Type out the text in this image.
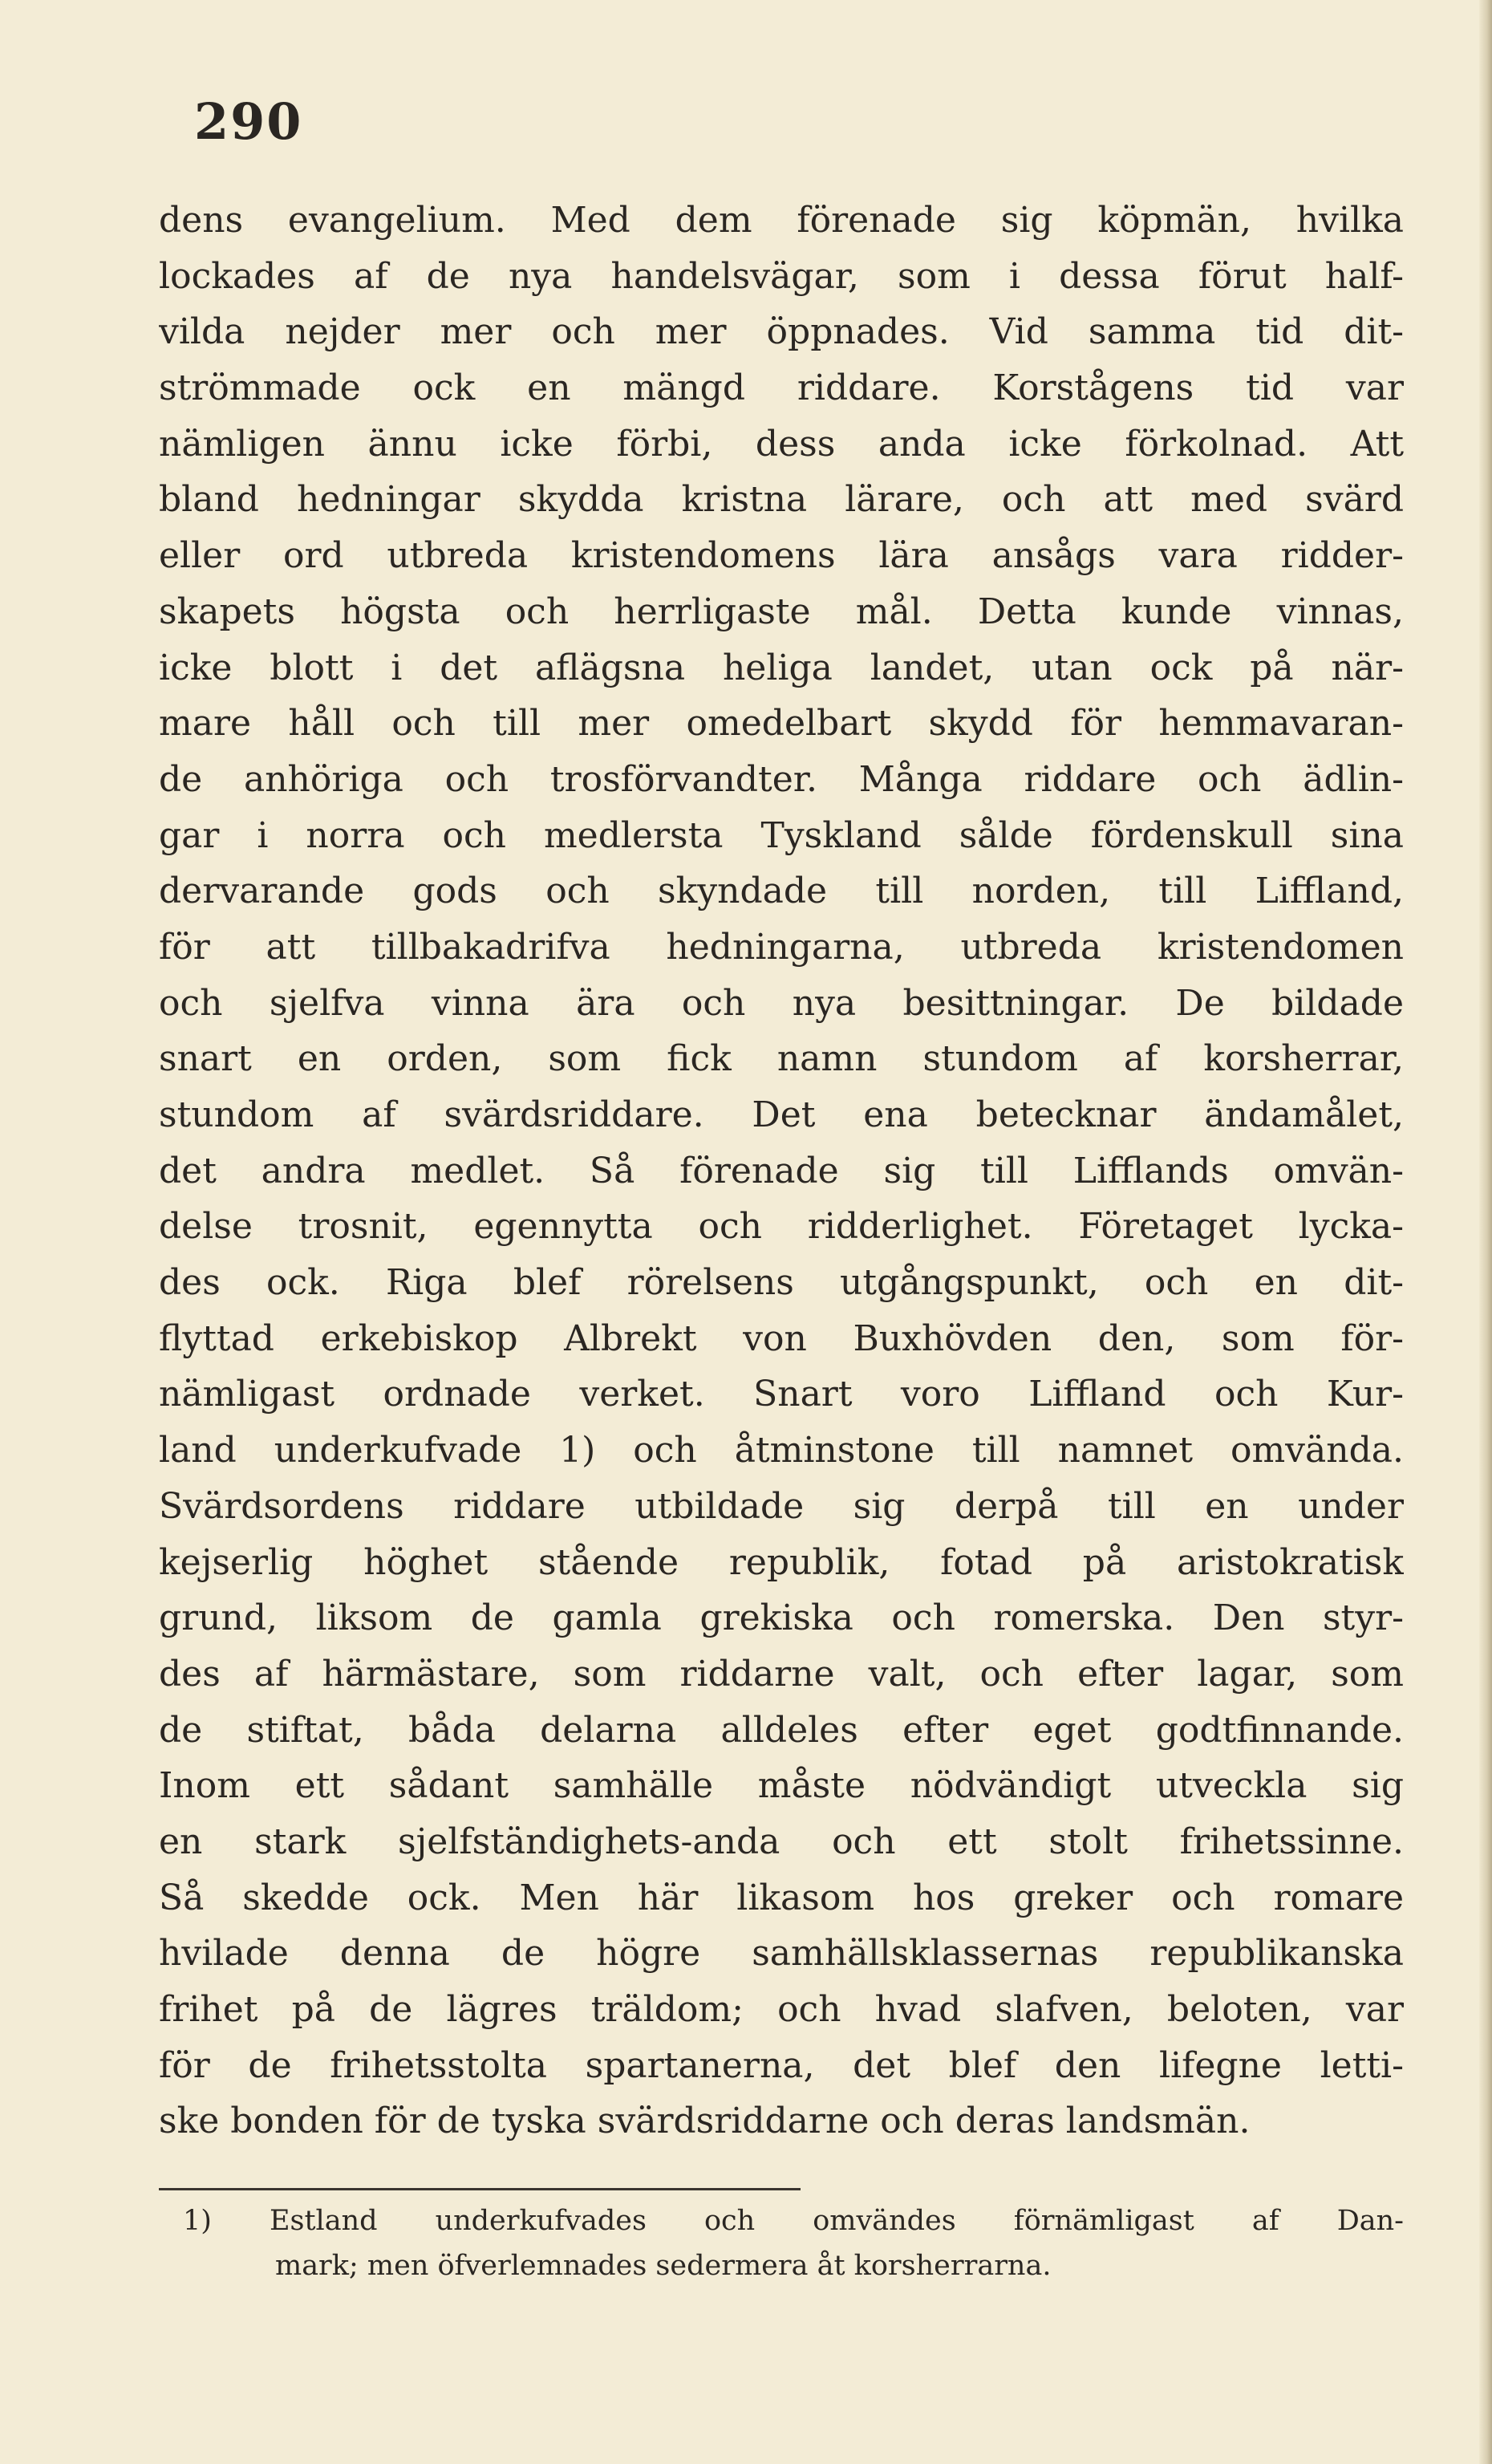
290
dens evangelium. Med dem förenade sig köpmän, hvilka
lockades af de nya handelsvägar, som i dessa förut half-
vilda nejder mer och mer öppnades. Vid samma tid dit-
strömmade ock en mängd riddare. Korstågens tid var
nämligen ännu icke förbi, dess anda icke förkolnad. Att
bland hedningar skydda kristna lärare, och att med svärd
eller ord utbreda kristendomens lära ansågs vara ridder-
skapets högsta och herrligaste mål. Detta kunde vinnas,
icke blott i det aflägsna heliga landet, utan ock på när-
mare håll och till mer omedelbart skydd för hemmavaran-
de anhöriga och trosförvandter. Många riddare och ädlin-
gar i norra och medlersta Tyskland sålde fördenskull sina
dervarande gods och skyndade till norden, till Liffland,
för att tillbakadrifva hedningarna, utbreda kristendomen
och sjelfva vinna ära och nya besittningar. De bildade
snart en orden, som fick namn stundom af korsherrar,
stundom af svärdsriddare. Det ena betecknar ändamålet,
det andra medlet. Så förenade sig till Lifflands omvän-
delse trosnit, egennytta och ridderlighet. Företaget lycka-
des ock. Riga blef rörelsens utgångspunkt, och en dit-
flyttad erkebiskop Albrekt von Buxhövden den, som för-
nämligast ordnade verket. Snart voro Liffland och Kur-
land underkufvade 1) och åtminstone till namnet omvända.
Svärdsordens riddare utbildade sig derpå till en under
kejserlig höghet stående republik, fotad på aristokratisk
grund, liksom de gamla grekiska och romerska. Den styr-
des af härmästare, som riddarne valt, och efter lagar, som
de stiftat, båda delarna alldeles efter eget godtfinnande.
Inom ett sådant samhälle måste nödvändigt utveckla sig
en stark sjelfständighets-anda och ett stolt frihetssinne.
Så skedde ock. Men här likasom hos greker och romare
hvilade denna de högre samhällsklassernas republikanska
frihet på de lägres träldom; och hvad slafven, beloten, var
för de frihetsstolta spartanerna, det blef den lifegne letti-
ske bonden för de tyska svärdsriddarne och deras landsmän.
1) Estland underkufvades och omvändes förnämligast af Dan-
mark; men öfverlemnades sedermera åt korsherrarna.
